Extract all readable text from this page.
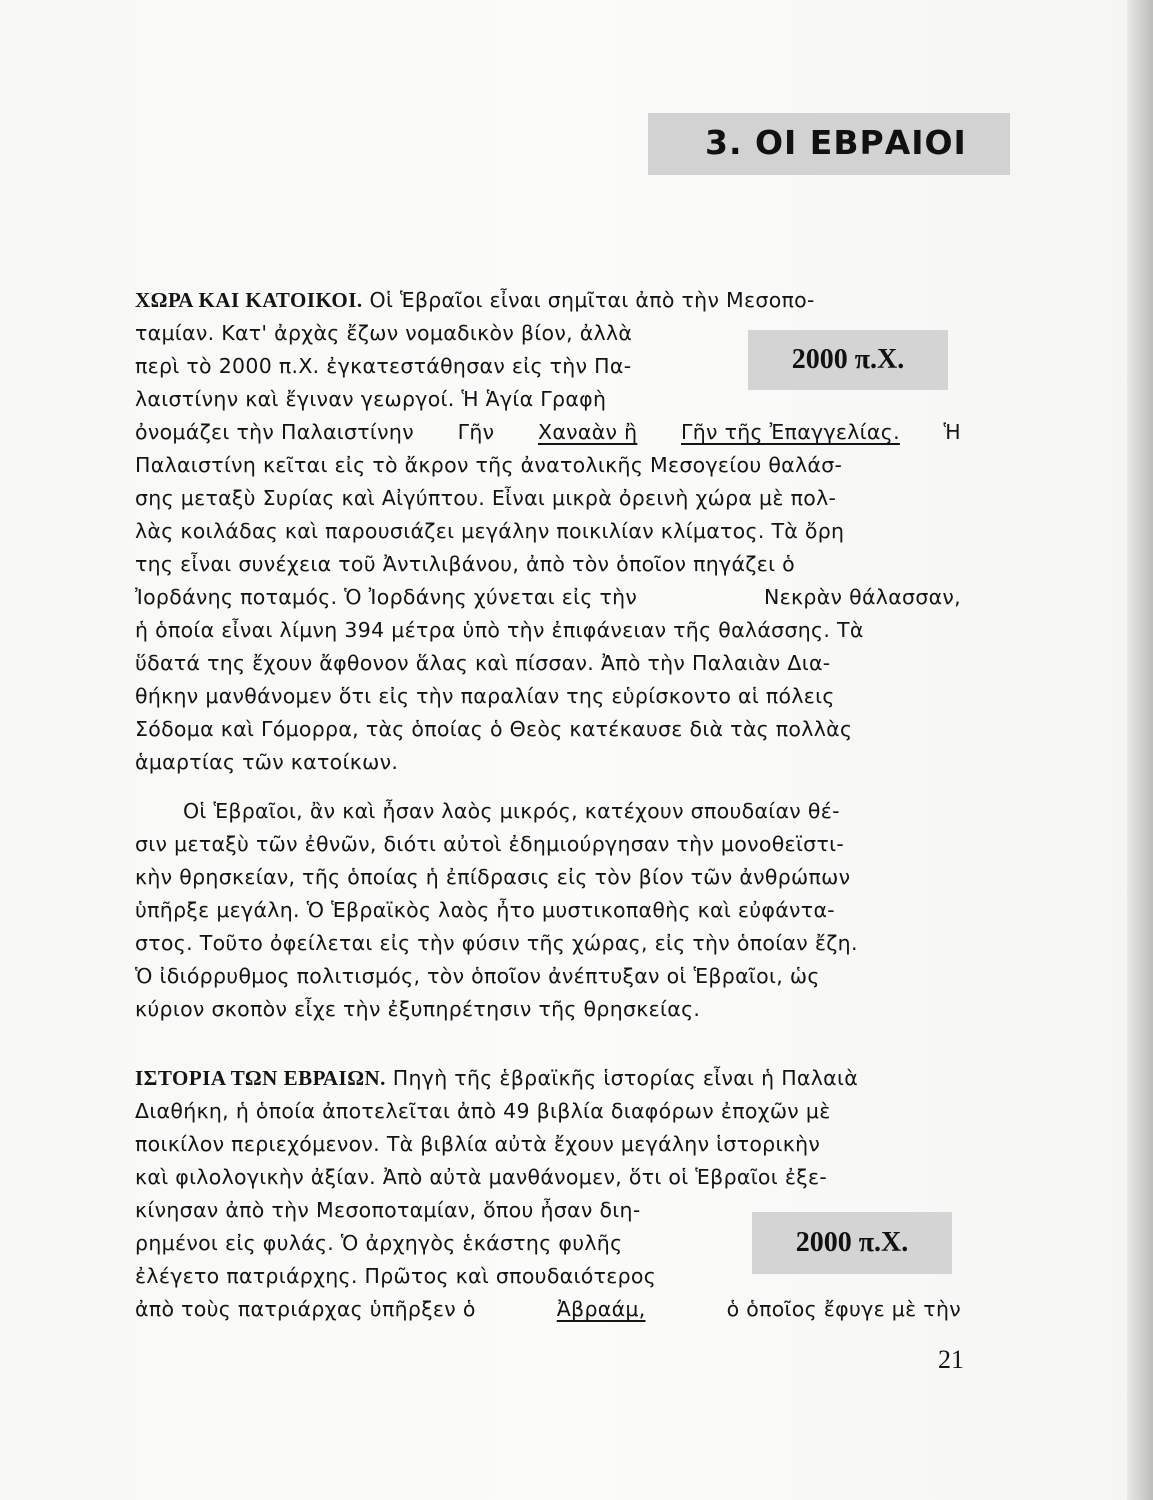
3. ΟΙ ΕΒΡΑΙΟΙ
ΧΩΡΑ ΚΑΙ ΚΑΤΟΙΚΟΙ. Οἱ Ἑβραῖοι εἶναι σημῖται ἀπὸ τὴν Μεσοπο-
ταμίαν. Κατ' ἀρχὰς ἔζων νομαδικὸν βίον, ἀλλὰ
περὶ τὸ 2000 π.Χ. ἐγκατεστάθησαν εἰς τὴν Πα-
λαιστίνην καὶ ἔγιναν γεωργοί. Ἡ Ἁγία Γραφὴ
ὀνομάζει τὴν Παλαιστίνην Γῆν Χαναὰν ἢ Γῆν τῆς Ἐπαγγελίας. Ἡ
Παλαιστίνη κεῖται εἰς τὸ ἄκρον τῆς ἀνατολικῆς Μεσογείου θαλάσ-
σης μεταξὺ Συρίας καὶ Αἰγύπτου. Εἶναι μικρὰ ὀρεινὴ χώρα μὲ πολ-
λὰς κοιλάδας καὶ παρουσιάζει μεγάλην ποικιλίαν κλίματος. Τὰ ὄρη
της εἶναι συνέχεια τοῦ Ἀντιλιβάνου, ἀπὸ τὸν ὁποῖον πηγάζει ὁ
Ἰορδάνης ποταμός. Ὁ Ἰορδάνης χύνεται εἰς τὴν	Νεκρὰν θάλασσαν,
ἡ ὁποία εἶναι λίμνη 394 μέτρα ὑπὸ τὴν ἐπιφάνειαν τῆς θαλάσσης. Τὰ
ὕδατά της ἔχουν ἄφθονον ἅλας καὶ πίσσαν. Ἀπὸ τὴν Παλαιὰν Δια-
θήκην μανθάνομεν ὅτι εἰς τὴν παραλίαν της εὑρίσκοντο αἱ πόλεις
Σόδομα καὶ Γόμορρα, τὰς ὁποίας ὁ Θεὸς κατέκαυσε διὰ τὰς πολλὰς
ἁμαρτίας τῶν κατοίκων.
2000 π.Χ.
Οἱ Ἑβραῖοι, ἂν καὶ ἦσαν λαὸς μικρός, κατέχουν σπουδαίαν θέ-
σιν μεταξὺ τῶν ἐθνῶν, διότι αὐτοὶ ἐδημιούργησαν τὴν μονοθεϊστι-
κὴν θρησκείαν, τῆς ὁποίας ἡ ἐπίδρασις εἰς τὸν βίον τῶν ἀνθρώπων
ὑπῆρξε μεγάλη. Ὁ Ἑβραϊκὸς λαὸς ἦτο μυστικοπαθὴς καὶ εὐφάντα-
στος. Τοῦτο ὀφείλεται εἰς τὴν φύσιν τῆς χώρας, εἰς τὴν ὁποίαν ἔζη.
Ὁ ἰδιόρρυθμος πολιτισμός, τὸν ὁποῖον ἀνέπτυξαν οἱ Ἑβραῖοι, ὡς
κύριον σκοπὸν εἶχε τὴν ἐξυπηρέτησιν τῆς θρησκείας.
ΙΣΤΟΡΙΑ ΤΩΝ ΕΒΡΑΙΩΝ. Πηγὴ τῆς ἑβραϊκῆς ἱστορίας εἶναι ἡ Παλαιὰ
Διαθήκη, ἡ ὁποία ἀποτελεῖται ἀπὸ 49 βιβλία διαφόρων ἐποχῶν μὲ
ποικίλον περιεχόμενον. Τὰ βιβλία αὐτὰ ἔχουν μεγάλην ἱστορικὴν
καὶ φιλολογικὴν ἀξίαν. Ἀπὸ αὐτὰ μανθάνομεν, ὅτι οἱ Ἑβραῖοι ἐξε-
κίνησαν ἀπὸ τὴν Μεσοποταμίαν, ὅπου ἦσαν διη-
ρημένοι εἰς φυλάς. Ὁ ἀρχηγὸς ἑκάστης φυλῆς
ἐλέγετο πατριάρχης. Πρῶτος καὶ σπουδαιότερος
ἀπὸ τοὺς πατριάρχας ὑπῆρξεν ὁ	Ἀβραάμ,	ὁ ὁποῖος ἔφυγε μὲ τὴν
2000 π.Χ.
21
